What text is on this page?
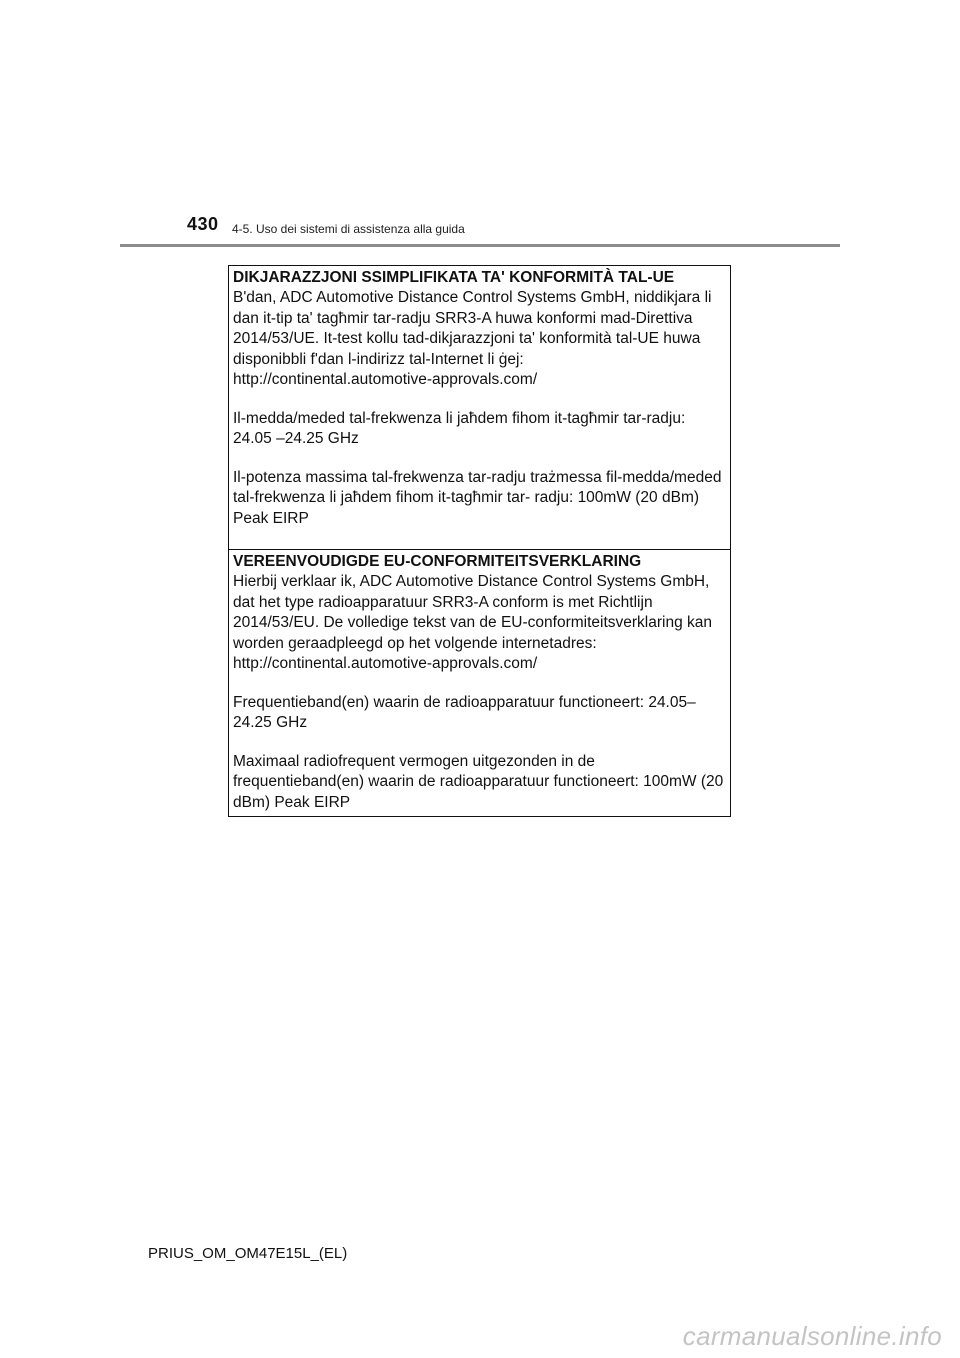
430 4-5. Uso dei sistemi di assistenza alla guida
DIKJARAZZJONI SSIMPLIFIKATA TA' KONFORMITÀ TAL-UE

B'dan, ADC Automotive Distance Control Systems GmbH, niddikjara li dan it-tip ta' tagħmir tar-radju SRR3-A huwa konformi mad-Direttiva 2014/53/UE. It-test kollu tad-dikjarazzjoni ta' konformità tal-UE huwa disponibbli f'dan l-indirizz tal-Internet li ġej: http://continental.automotive-approvals.com/

Il-medda/meded tal-frekwenza li jaħdem fihom it-tagħmir tar-radju: 24.05 –24.25 GHz

Il-potenza massima tal-frekwenza tar-radju trażmessa fil-medda/meded tal-frekwenza li jaħdem fihom it-tagħmir tar- radju: 100mW (20 dBm) Peak EIRP

VEREENVOUDIGDE EU-CONFORMITEITSVERKLARING

Hierbij verklaar ik, ADC Automotive Distance Control Systems GmbH, dat het type radioapparatuur SRR3-A conform is met Richtlijn 2014/53/EU. De volledige tekst van de EU-conformiteitsverklaring kan worden geraadpleegd op het volgende internetadres: http://continental.automotive-approvals.com/

Frequentieband(en) waarin de radioapparatuur functioneert: 24.05–24.25 GHz

Maximaal radiofrequent vermogen uitgezonden in de frequentieband(en) waarin de radioapparatuur functioneert: 100mW (20 dBm) Peak EIRP

PRIUS_OM_OM47E15L_(EL)
carmanualsonline.info
